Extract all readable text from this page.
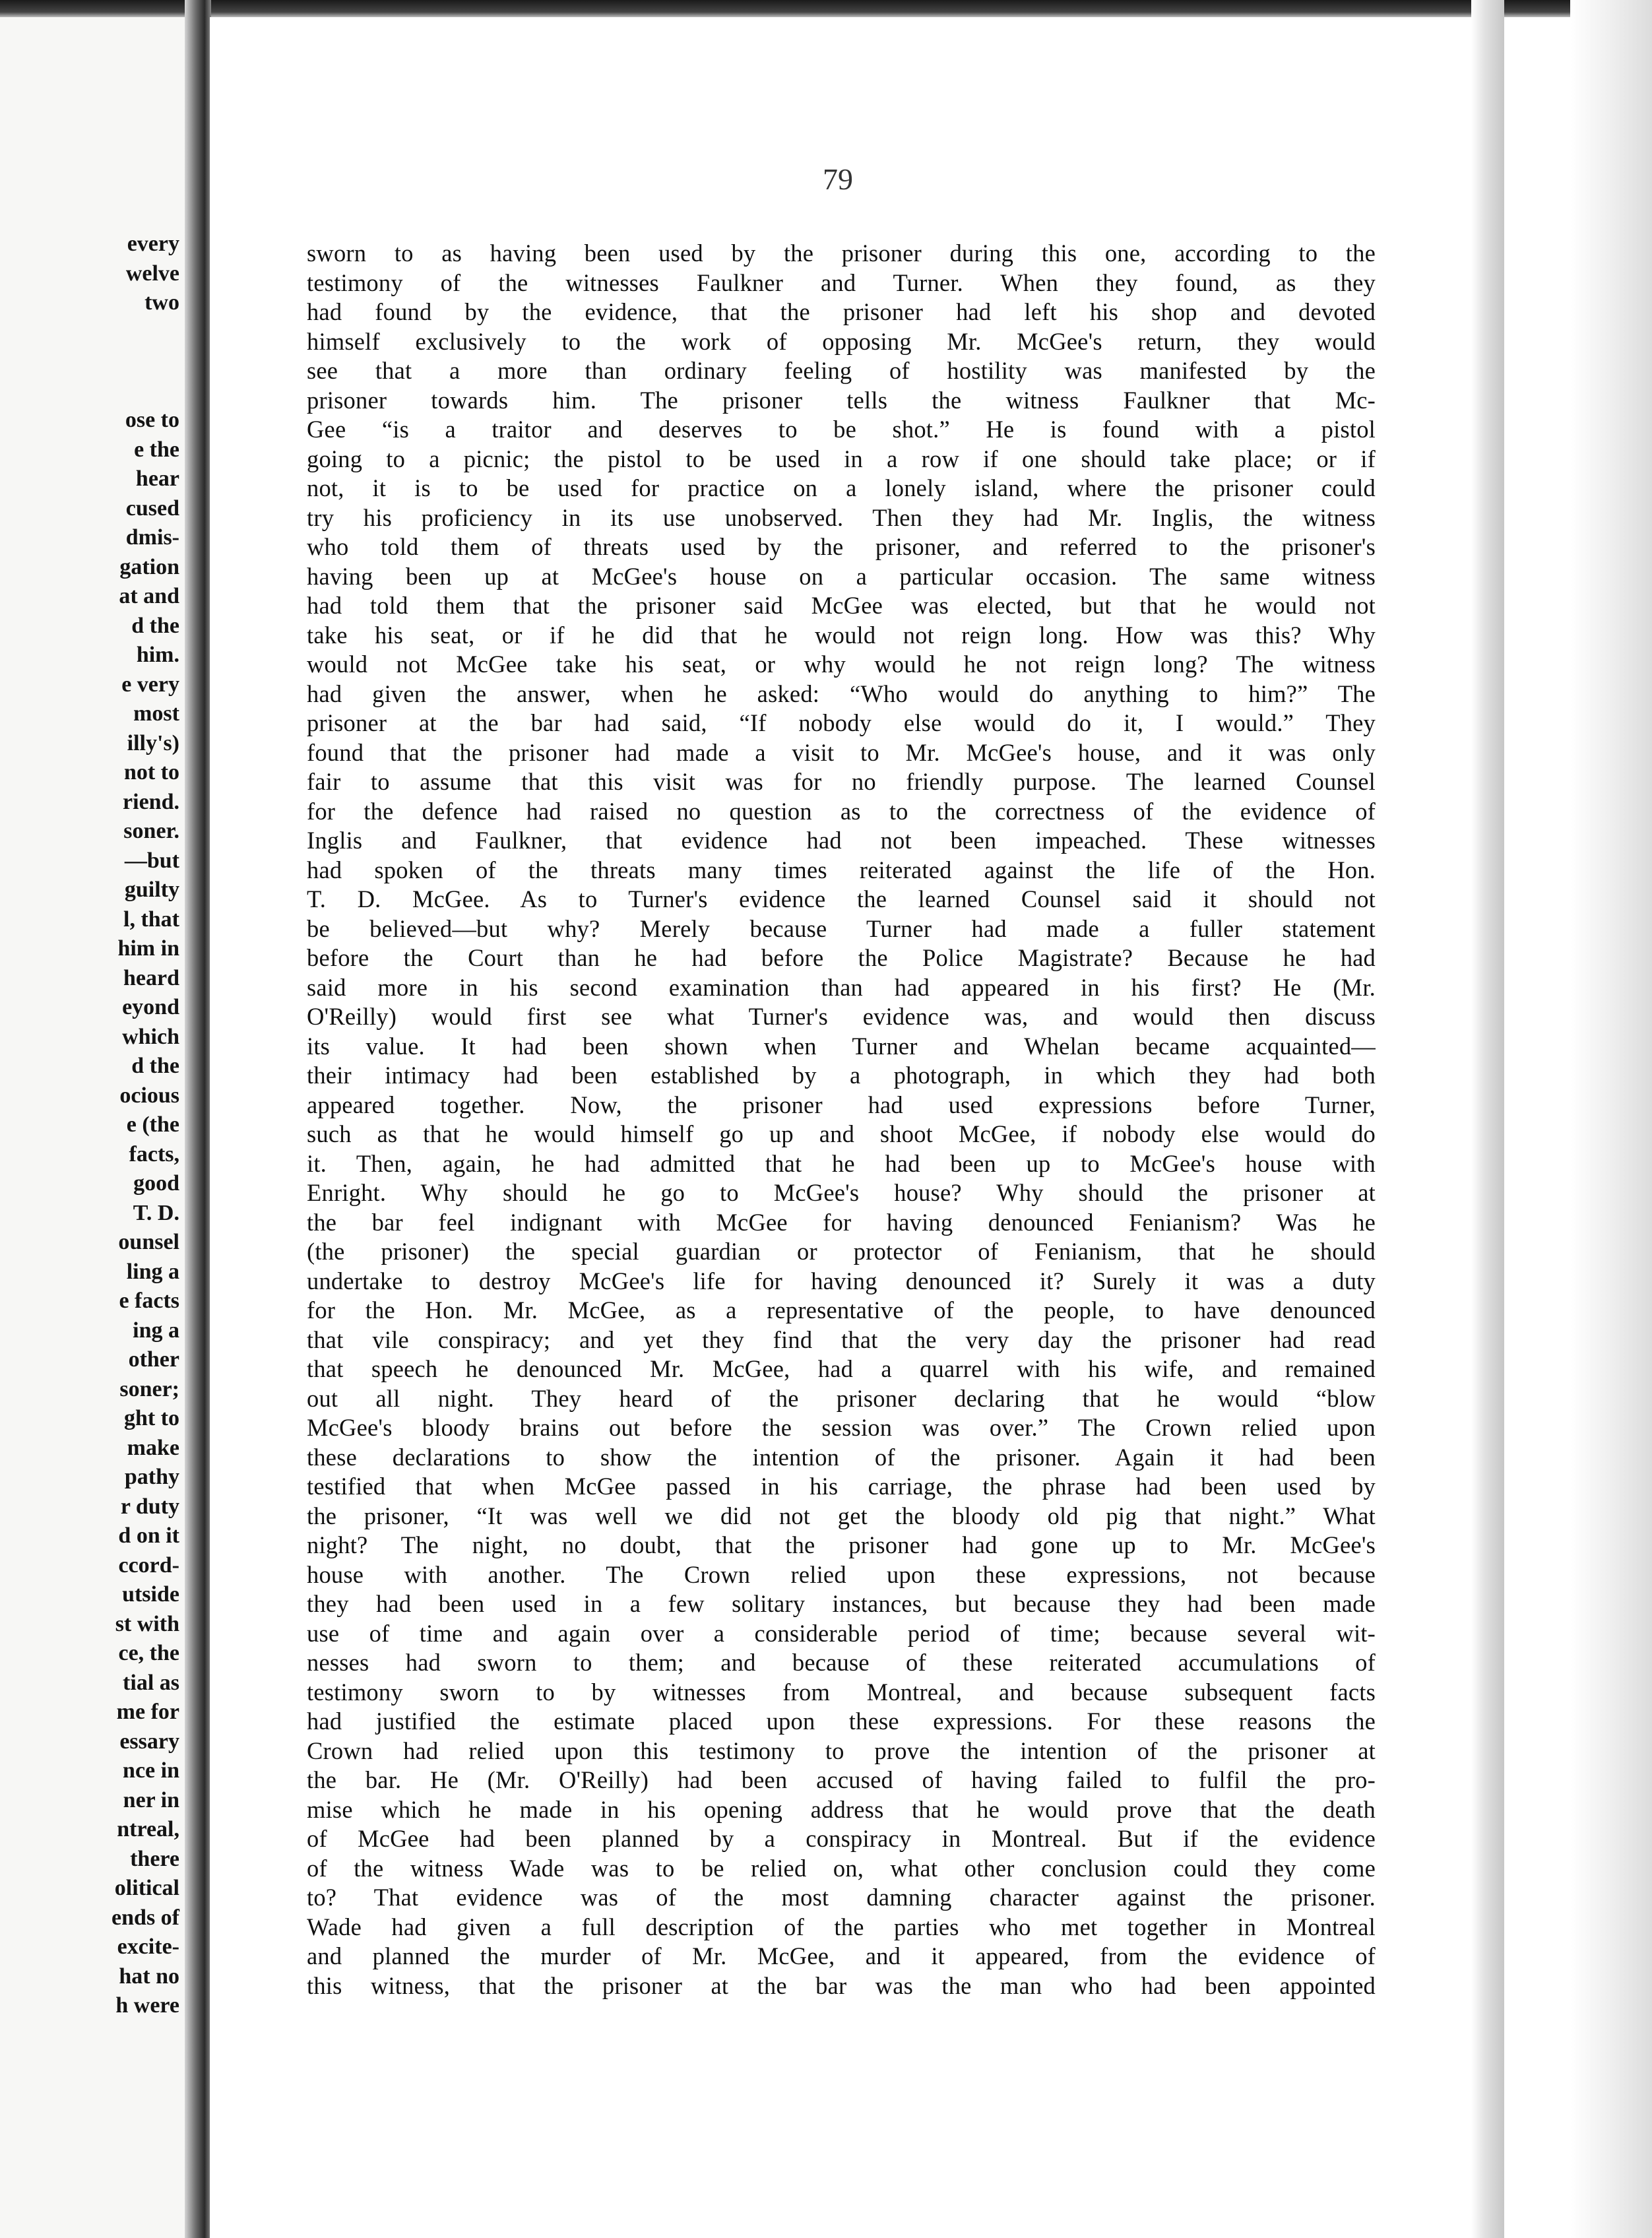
every
welve
two
ose to
e the
hear
cused
dmis-
gation
at and
d the
him.
e very
most
illy's)
not to
riend.
soner.
—but
guilty
l, that
him in
heard
eyond
which
d the
ocious
e (the
facts,
good
T. D.
ounsel
ling a
e facts
ing a
other
soner;
ght to
make
pathy
r duty
d on it
ccord-
utside
st with
ce, the
tial as
me for
essary
nce in
ner in
ntreal,
there
olitical
ends of
excite-
hat no
h were
79
sworn to as having been used by the prisoner during this one, according to the
testimony of the witnesses Faulkner and Turner. When they found, as they
had found by the evidence, that the prisoner had left his shop and devoted
himself exclusively to the work of opposing Mr. McGee's return, they would
see that a more than ordinary feeling of hostility was manifested by the
prisoner towards him. The prisoner tells the witness Faulkner that Mc-
Gee “is a traitor and deserves to be shot.” He is found with a pistol
going to a picnic; the pistol to be used in a row if one should take place; or if
not, it is to be used for practice on a lonely island, where the prisoner could
try his proficiency in its use unobserved. Then they had Mr. Inglis, the witness
who told them of threats used by the prisoner, and referred to the prisoner's
having been up at McGee's house on a particular occasion. The same witness
had told them that the prisoner said McGee was elected, but that he would not
take his seat, or if he did that he would not reign long. How was this? Why
would not McGee take his seat, or why would he not reign long? The witness
had given the answer, when he asked: “Who would do anything to him?” The
prisoner at the bar had said, “If nobody else would do it, I would.” They
found that the prisoner had made a visit to Mr. McGee's house, and it was only
fair to assume that this visit was for no friendly purpose. The learned Counsel
for the defence had raised no question as to the correctness of the evidence of
Inglis and Faulkner, that evidence had not been impeached. These witnesses
had spoken of the threats many times reiterated against the life of the Hon.
T. D. McGee. As to Turner's evidence the learned Counsel said it should not
be believed—but why? Merely because Turner had made a fuller statement
before the Court than he had before the Police Magistrate? Because he had
said more in his second examination than had appeared in his first? He (Mr.
O'Reilly) would first see what Turner's evidence was, and would then discuss
its value. It had been shown when Turner and Whelan became acquainted—
their intimacy had been established by a photograph, in which they had both
appeared together. Now, the prisoner had used expressions before Turner,
such as that he would himself go up and shoot McGee, if nobody else would do
it. Then, again, he had admitted that he had been up to McGee's house with
Enright. Why should he go to McGee's house? Why should the prisoner at
the bar feel indignant with McGee for having denounced Fenianism? Was he
(the prisoner) the special guardian or protector of Fenianism, that he should
undertake to destroy McGee's life for having denounced it? Surely it was a duty
for the Hon. Mr. McGee, as a representative of the people, to have denounced
that vile conspiracy; and yet they find that the very day the prisoner had read
that speech he denounced Mr. McGee, had a quarrel with his wife, and remained
out all night. They heard of the prisoner declaring that he would “blow
McGee's bloody brains out before the session was over.” The Crown relied upon
these declarations to show the intention of the prisoner. Again it had been
testified that when McGee passed in his carriage, the phrase had been used by
the prisoner, “It was well we did not get the bloody old pig that night.” What
night? The night, no doubt, that the prisoner had gone up to Mr. McGee's
house with another. The Crown relied upon these expressions, not because
they had been used in a few solitary instances, but because they had been made
use of time and again over a considerable period of time; because several wit-
nesses had sworn to them; and because of these reiterated accumulations of
testimony sworn to by witnesses from Montreal, and because subsequent facts
had justified the estimate placed upon these expressions. For these reasons the
Crown had relied upon this testimony to prove the intention of the prisoner at
the bar. He (Mr. O'Reilly) had been accused of having failed to fulfil the pro-
mise which he made in his opening address that he would prove that the death
of McGee had been planned by a conspiracy in Montreal. But if the evidence
of the witness Wade was to be relied on, what other conclusion could they come
to? That evidence was of the most damning character against the prisoner.
Wade had given a full description of the parties who met together in Montreal
and planned the murder of Mr. McGee, and it appeared, from the evidence of
this witness, that the prisoner at the bar was the man who had been appointed
